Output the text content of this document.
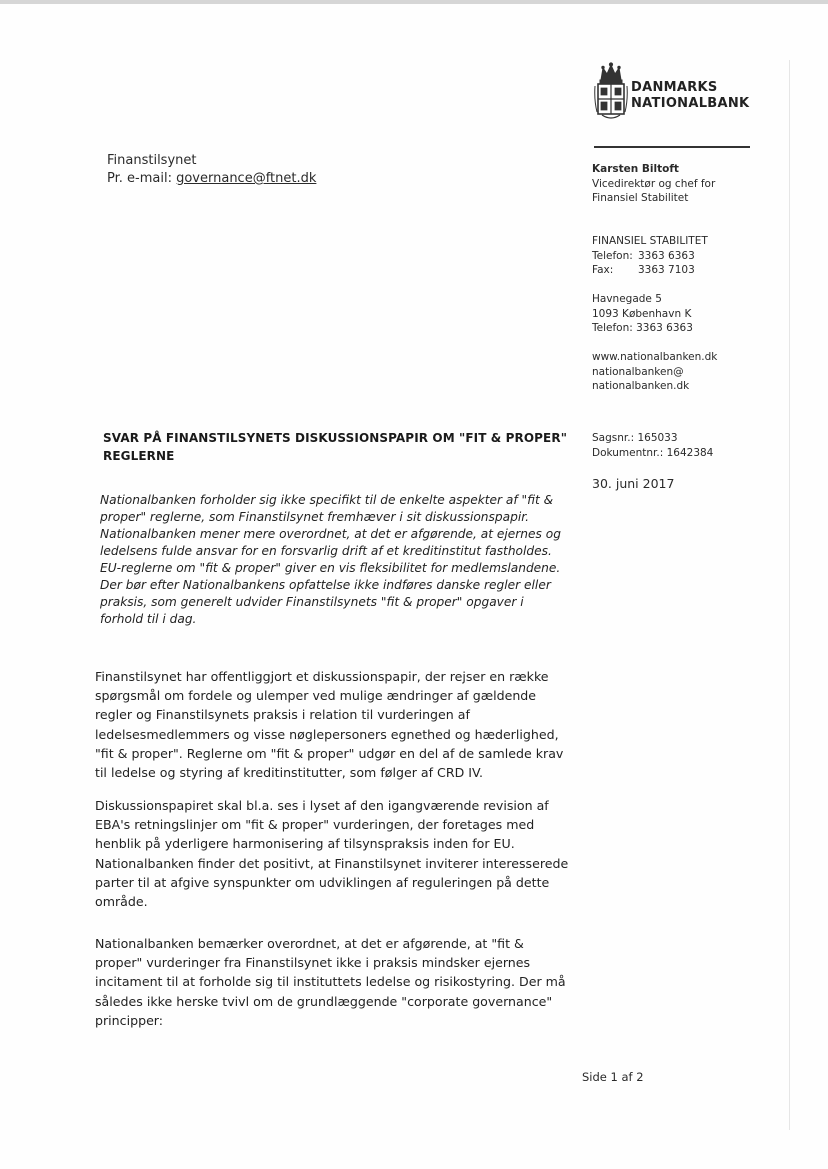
DANMARKS
NATIONALBANK
Finanstilsynet
Pr. e-mail: governance@ftnet.dk
Karsten Biltoft
Vicedirektør og chef for
Finansiel Stabilitet
FINANSIEL STABILITET
Telefon: 3363 6363
Fax: 3363 7103
Havnegade 5
1093 København K
Telefon: 3363 6363
www.nationalbanken.dk
nationalbanken@
nationalbanken.dk
Sagsnr.: 165033
Dokumentnr.: 1642384
30. juni 2017
SVAR PÅ FINANSTILSYNETS DISKUSSIONSPAPIR OM "FIT & PROPER" REGLERNE
Nationalbanken forholder sig ikke specifikt til de enkelte aspekter af "fit & proper" reglerne, som Finanstilsynet fremhæver i sit diskussionspapir. Nationalbanken mener mere overordnet, at det er afgørende, at ejernes og ledelsens fulde ansvar for en forsvarlig drift af et kreditinstitut fastholdes. EU-reglerne om "fit & proper" giver en vis fleksibilitet for medlemslandene. Der bør efter Nationalbankens opfattelse ikke indføres danske regler eller praksis, som generelt udvider Finanstilsynets "fit & proper" opgaver i forhold til i dag.
Finanstilsynet har offentliggjort et diskussionspapir, der rejser en række spørgsmål om fordele og ulemper ved mulige ændringer af gældende regler og Finanstilsynets praksis i relation til vurderingen af ledelsesmedlemmers og visse nøglepersoners egnethed og hæderlighed, "fit & proper". Reglerne om "fit & proper" udgør en del af de samlede krav til ledelse og styring af kreditinstitutter, som følger af CRD IV.
Diskussionspapiret skal bl.a. ses i lyset af den igangværende revision af EBA's retningslinjer om "fit & proper" vurderingen, der foretages med henblik på yderligere harmonisering af tilsynspraksis inden for EU. Nationalbanken finder det positivt, at Finanstilsynet inviterer interesserede parter til at afgive synspunkter om udviklingen af reguleringen på dette område.
Nationalbanken bemærker overordnet, at det er afgørende, at "fit & proper" vurderinger fra Finanstilsynet ikke i praksis mindsker ejernes incitament til at forholde sig til instituttets ledelse og risikostyring. Der må således ikke herske tvivl om de grundlæggende "corporate governance" principper:
Side 1 af 2
